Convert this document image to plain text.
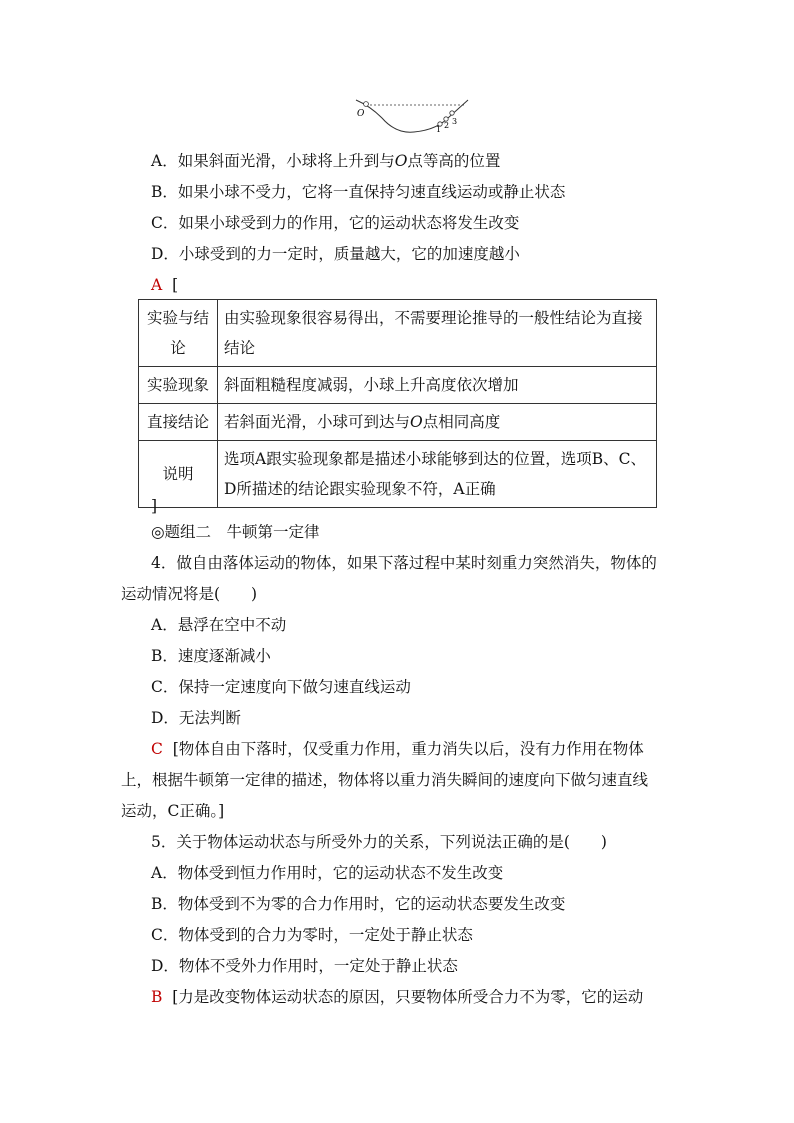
O
1 2 3
A．如果斜面光滑，小球将上升到与O点等高的位置
B．如果小球不受力，它将一直保持匀速直线运动或静止状态
C．如果小球受到力的作用，它的运动状态将发生改变
D．小球受到的力一定时，质量越大，它的加速度越小
A [
实验与结论	由实验现象很容易得出，不需要理论推导的一般性结论为直接结论
实验现象	斜面粗糙程度减弱，小球上升高度依次增加
直接结论	若斜面光滑，小球可到达与O点相同高度
说明	选项A跟实验现象都是描述小球能够到达的位置，选项B、C、D所描述的结论跟实验现象不符，A正确
]
◎题组二　牛顿第一定律
4．做自由落体运动的物体，如果下落过程中某时刻重力突然消失，物体的
运动情况将是(　　)
A．悬浮在空中不动
B．速度逐渐减小
C．保持一定速度向下做匀速直线运动
D．无法判断
C [物体自由下落时，仅受重力作用，重力消失以后，没有力作用在物体
上，根据牛顿第一定律的描述，物体将以重力消失瞬间的速度向下做匀速直线
运动，C正确。]
5．关于物体运动状态与所受外力的关系，下列说法正确的是(　　)
A．物体受到恒力作用时，它的运动状态不发生改变
B．物体受到不为零的合力作用时，它的运动状态要发生改变
C．物体受到的合力为零时，一定处于静止状态
D．物体不受外力作用时，一定处于静止状态
B [力是改变物体运动状态的原因，只要物体所受合力不为零，它的运动
